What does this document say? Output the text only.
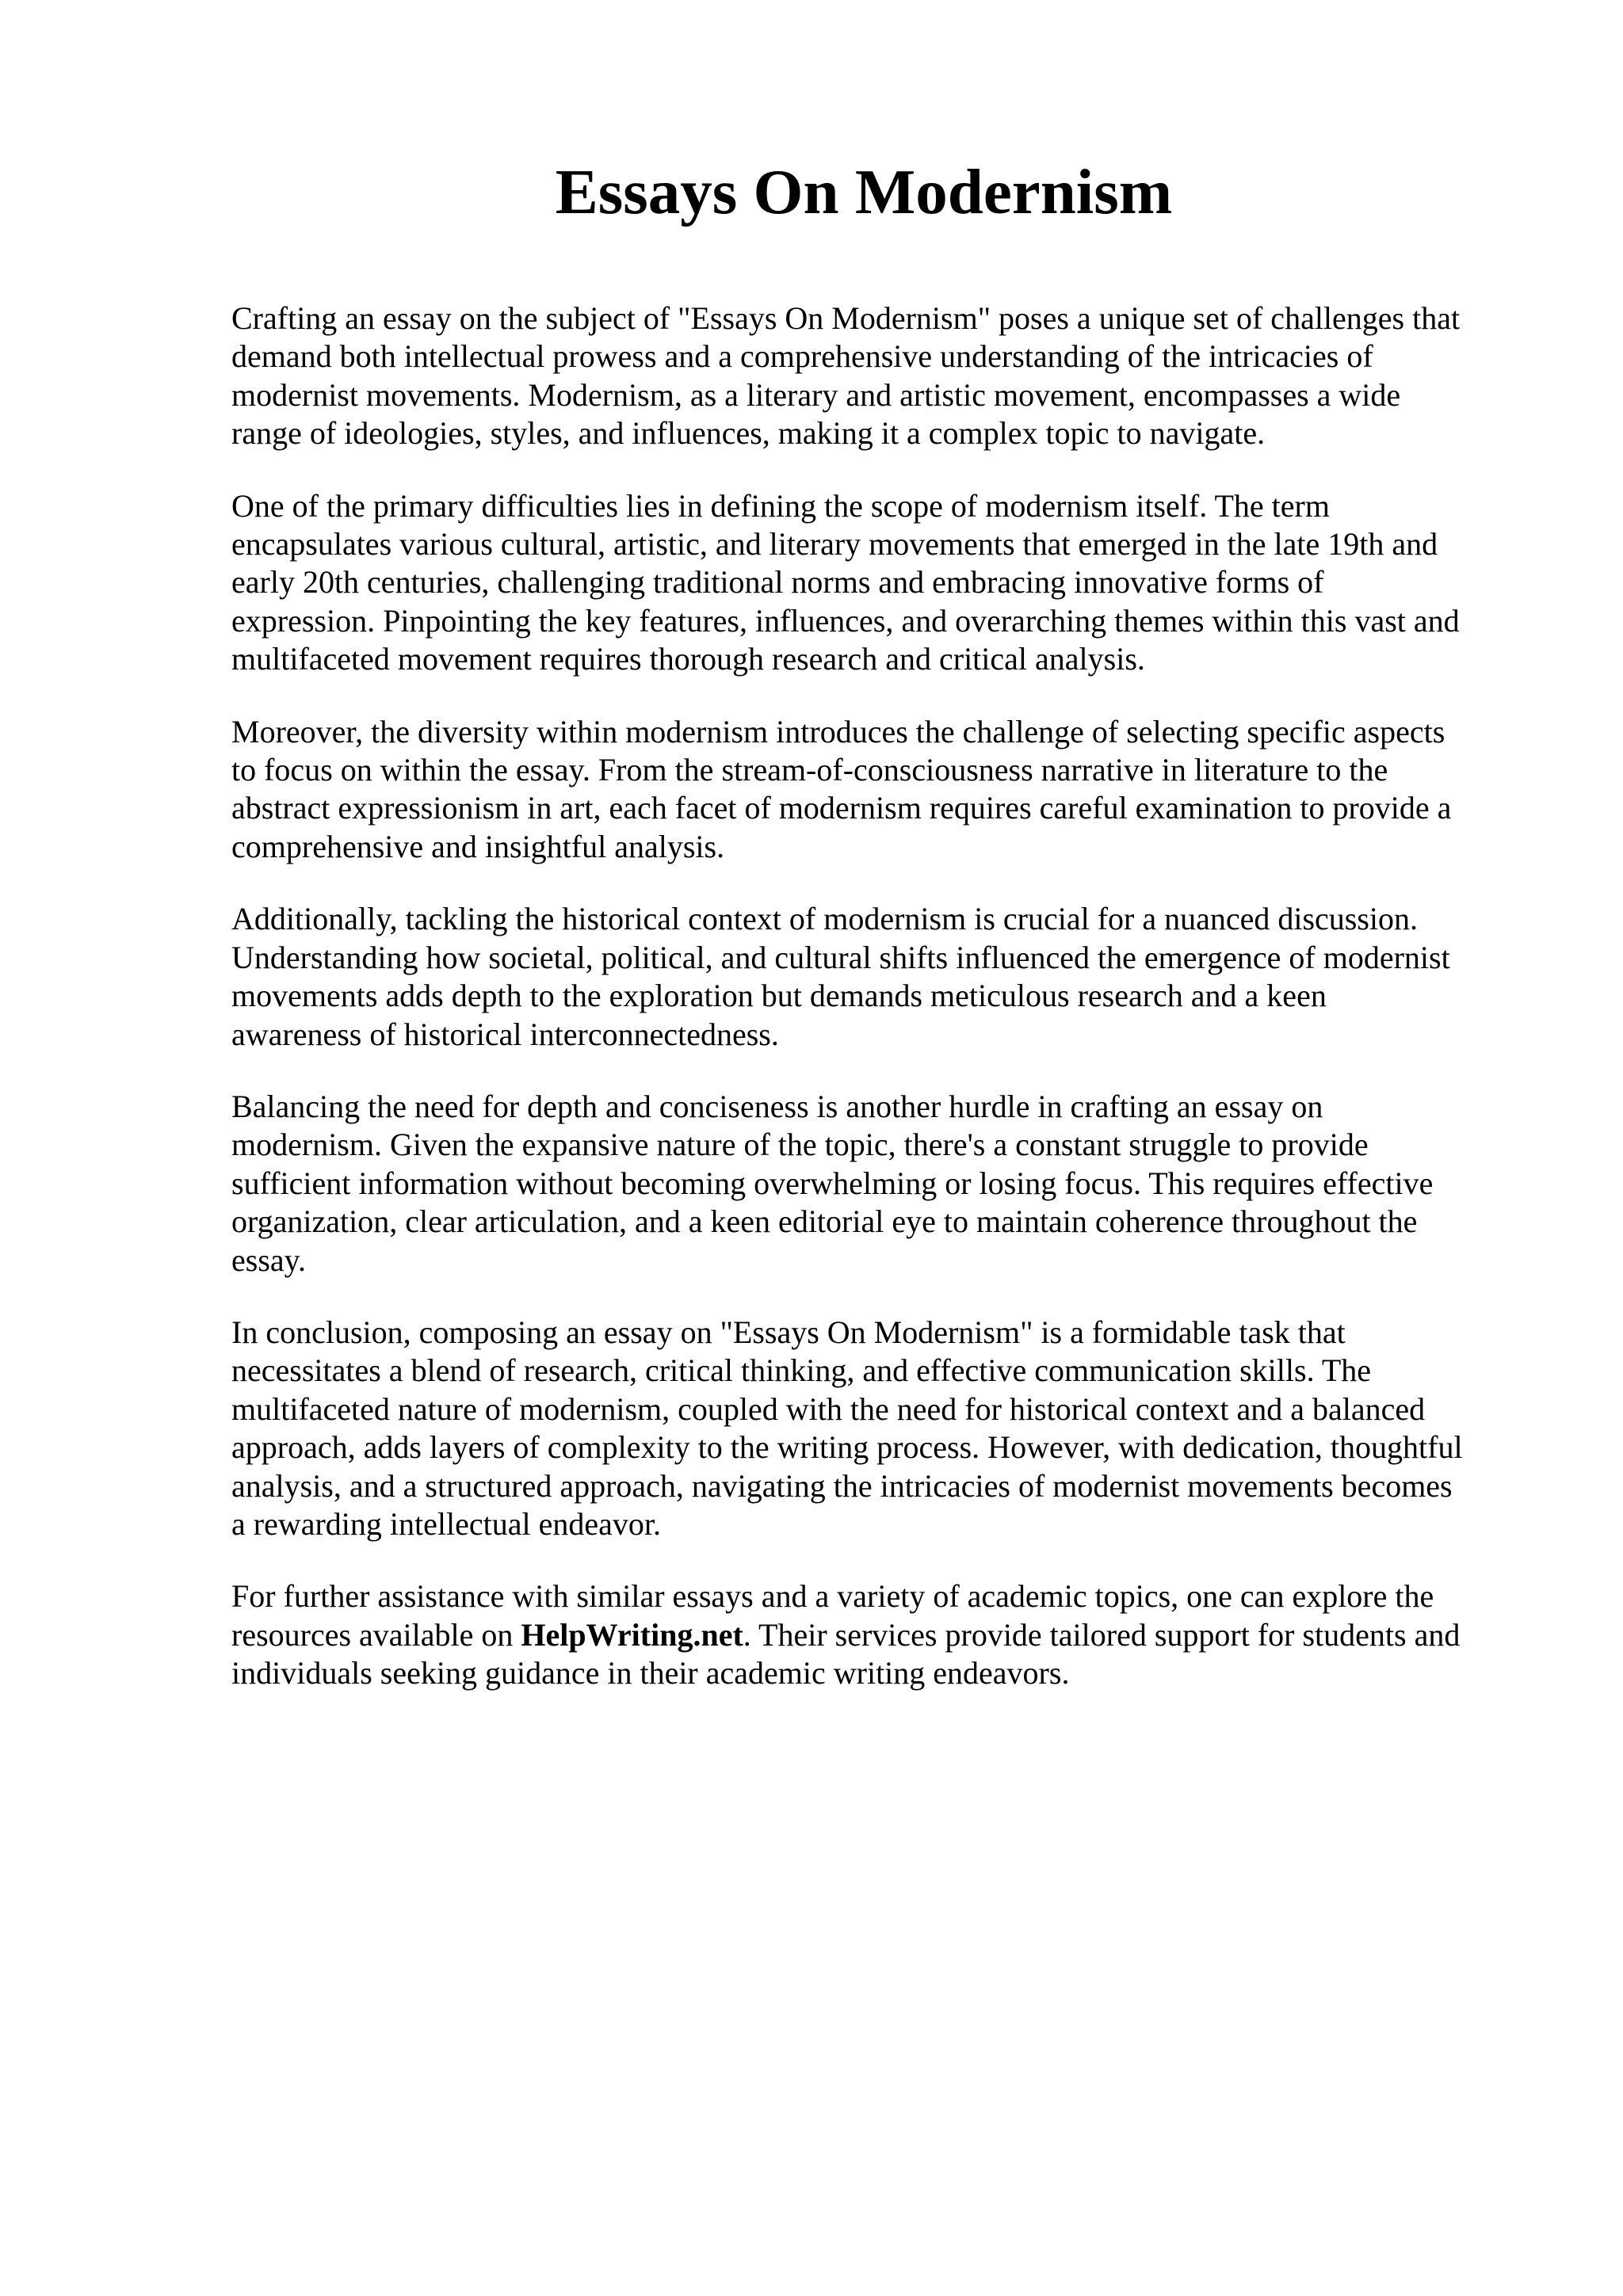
Essays On Modernism

Crafting an essay on the subject of "Essays On Modernism" poses a unique set of challenges that
demand both intellectual prowess and a comprehensive understanding of the intricacies of
modernist movements. Modernism, as a literary and artistic movement, encompasses a wide
range of ideologies, styles, and influences, making it a complex topic to navigate.

One of the primary difficulties lies in defining the scope of modernism itself. The term
encapsulates various cultural, artistic, and literary movements that emerged in the late 19th and
early 20th centuries, challenging traditional norms and embracing innovative forms of
expression. Pinpointing the key features, influences, and overarching themes within this vast and
multifaceted movement requires thorough research and critical analysis.

Moreover, the diversity within modernism introduces the challenge of selecting specific aspects
to focus on within the essay. From the stream-of-consciousness narrative in literature to the
abstract expressionism in art, each facet of modernism requires careful examination to provide a
comprehensive and insightful analysis.

Additionally, tackling the historical context of modernism is crucial for a nuanced discussion.
Understanding how societal, political, and cultural shifts influenced the emergence of modernist
movements adds depth to the exploration but demands meticulous research and a keen
awareness of historical interconnectedness.

Balancing the need for depth and conciseness is another hurdle in crafting an essay on
modernism. Given the expansive nature of the topic, there's a constant struggle to provide
sufficient information without becoming overwhelming or losing focus. This requires effective
organization, clear articulation, and a keen editorial eye to maintain coherence throughout the
essay.

In conclusion, composing an essay on "Essays On Modernism" is a formidable task that
necessitates a blend of research, critical thinking, and effective communication skills. The
multifaceted nature of modernism, coupled with the need for historical context and a balanced
approach, adds layers of complexity to the writing process. However, with dedication, thoughtful
analysis, and a structured approach, navigating the intricacies of modernist movements becomes
a rewarding intellectual endeavor.

For further assistance with similar essays and a variety of academic topics, one can explore the
resources available on HelpWriting.net. Their services provide tailored support for students and
individuals seeking guidance in their academic writing endeavors.
